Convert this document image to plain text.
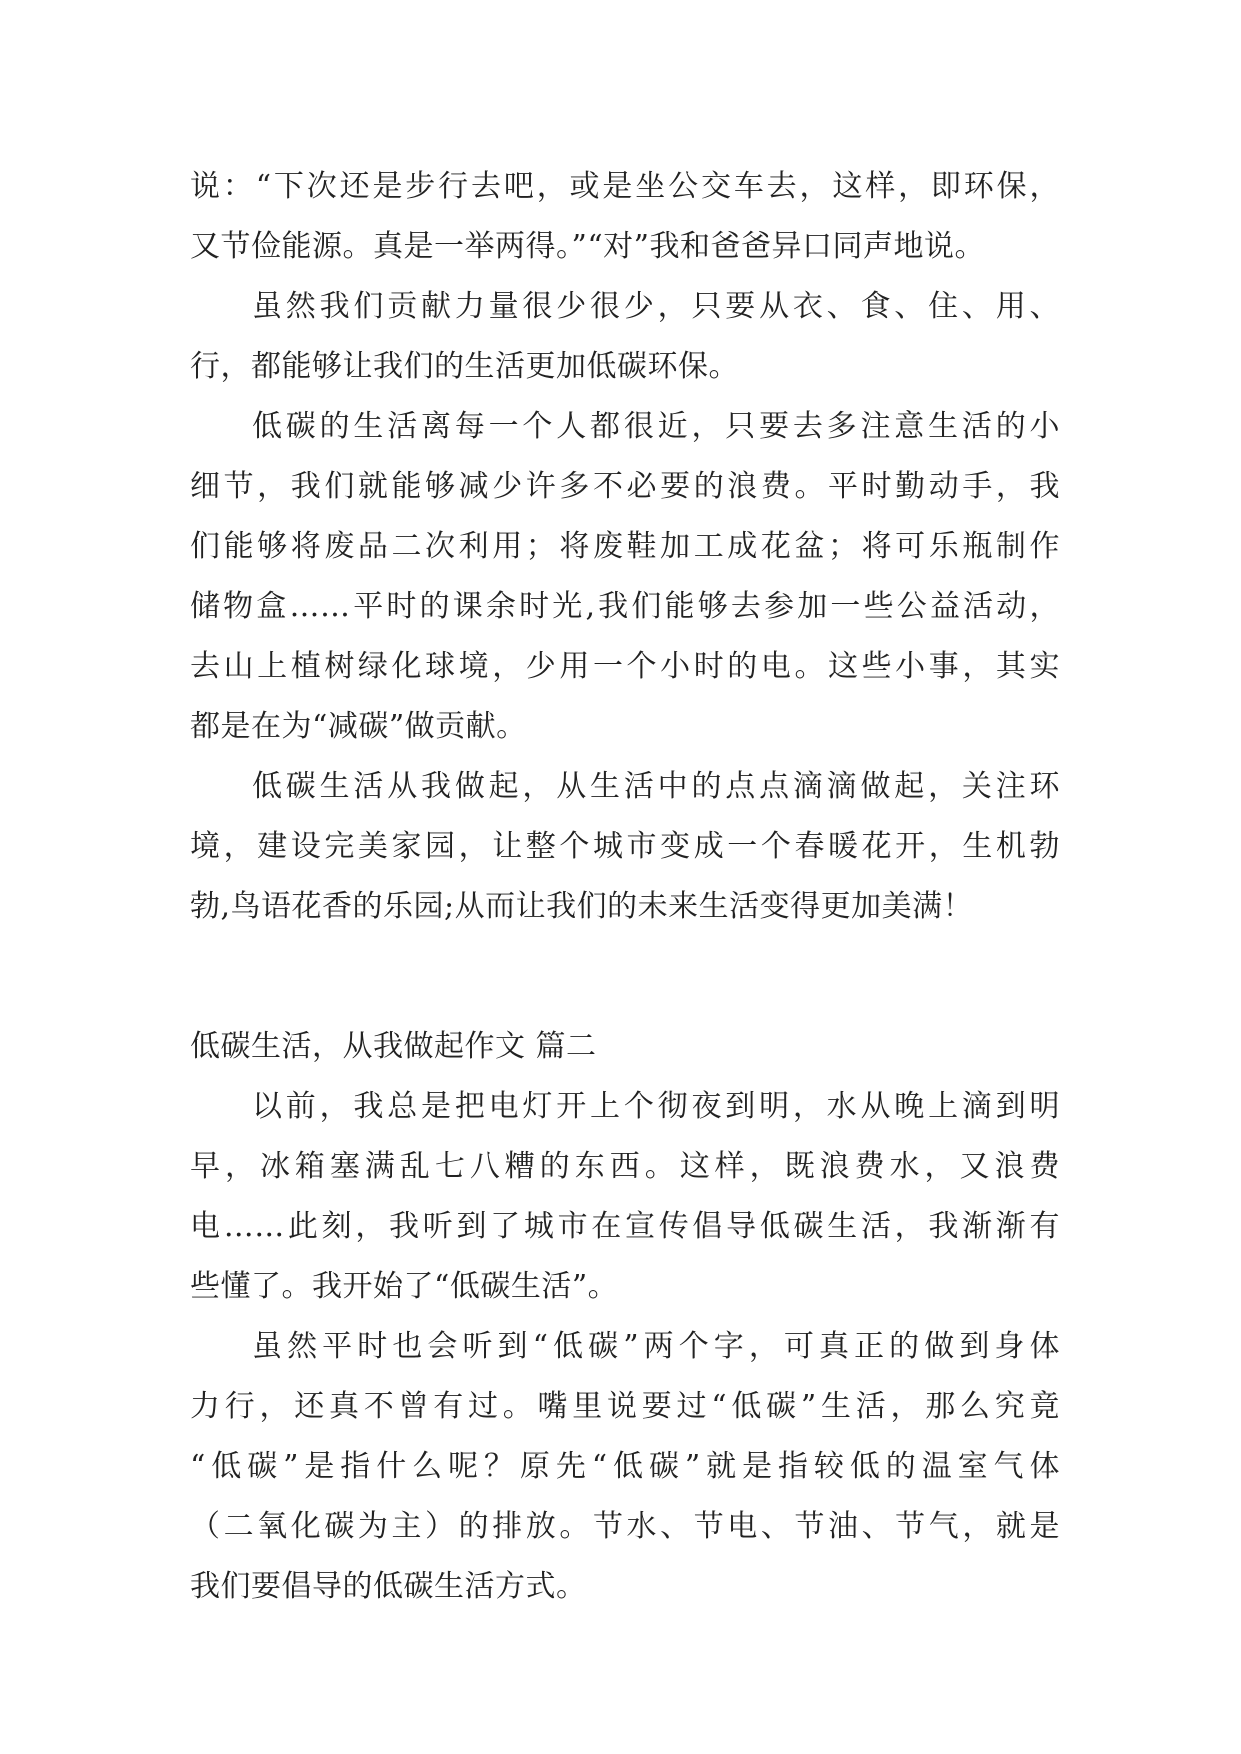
说：“下次还是步行去吧，或是坐公交车去，这样，即环保，
又节俭能源。真是一举两得。”“对”我和爸爸异口同声地说。
虽然我们贡献力量很少很少，只要从衣、食、住、用、
行，都能够让我们的生活更加低碳环保。
低碳的生活离每一个人都很近，只要去多注意生活的小
细节，我们就能够减少许多不必要的浪费。平时勤动手，我
们能够将废品二次利用；将废鞋加工成花盆；将可乐瓶制作
储物盒……平时的课余时光,我们能够去参加一些公益活动，
去山上植树绿化球境，少用一个小时的电。这些小事，其实
都是在为“减碳”做贡献。
低碳生活从我做起，从生活中的点点滴滴做起，关注环
境，建设完美家园，让整个城市变成一个春暖花开，生机勃
勃,鸟语花香的乐园;从而让我们的未来生活变得更加美满！
低碳生活，从我做起作文 篇二
以前，我总是把电灯开上个彻夜到明，水从晚上滴到明
早，冰箱塞满乱七八糟的东西。这样，既浪费水，又浪费
电……此刻，我听到了城市在宣传倡导低碳生活，我渐渐有
些懂了。我开始了“低碳生活”。
虽然平时也会听到“低碳”两个字，可真正的做到身体
力行，还真不曾有过。嘴里说要过“低碳”生活，那么究竟
“低碳”是指什么呢？原先“低碳”就是指较低的温室气体
（二氧化碳为主）的排放。节水、节电、节油、节气，就是
我们要倡导的低碳生活方式。
